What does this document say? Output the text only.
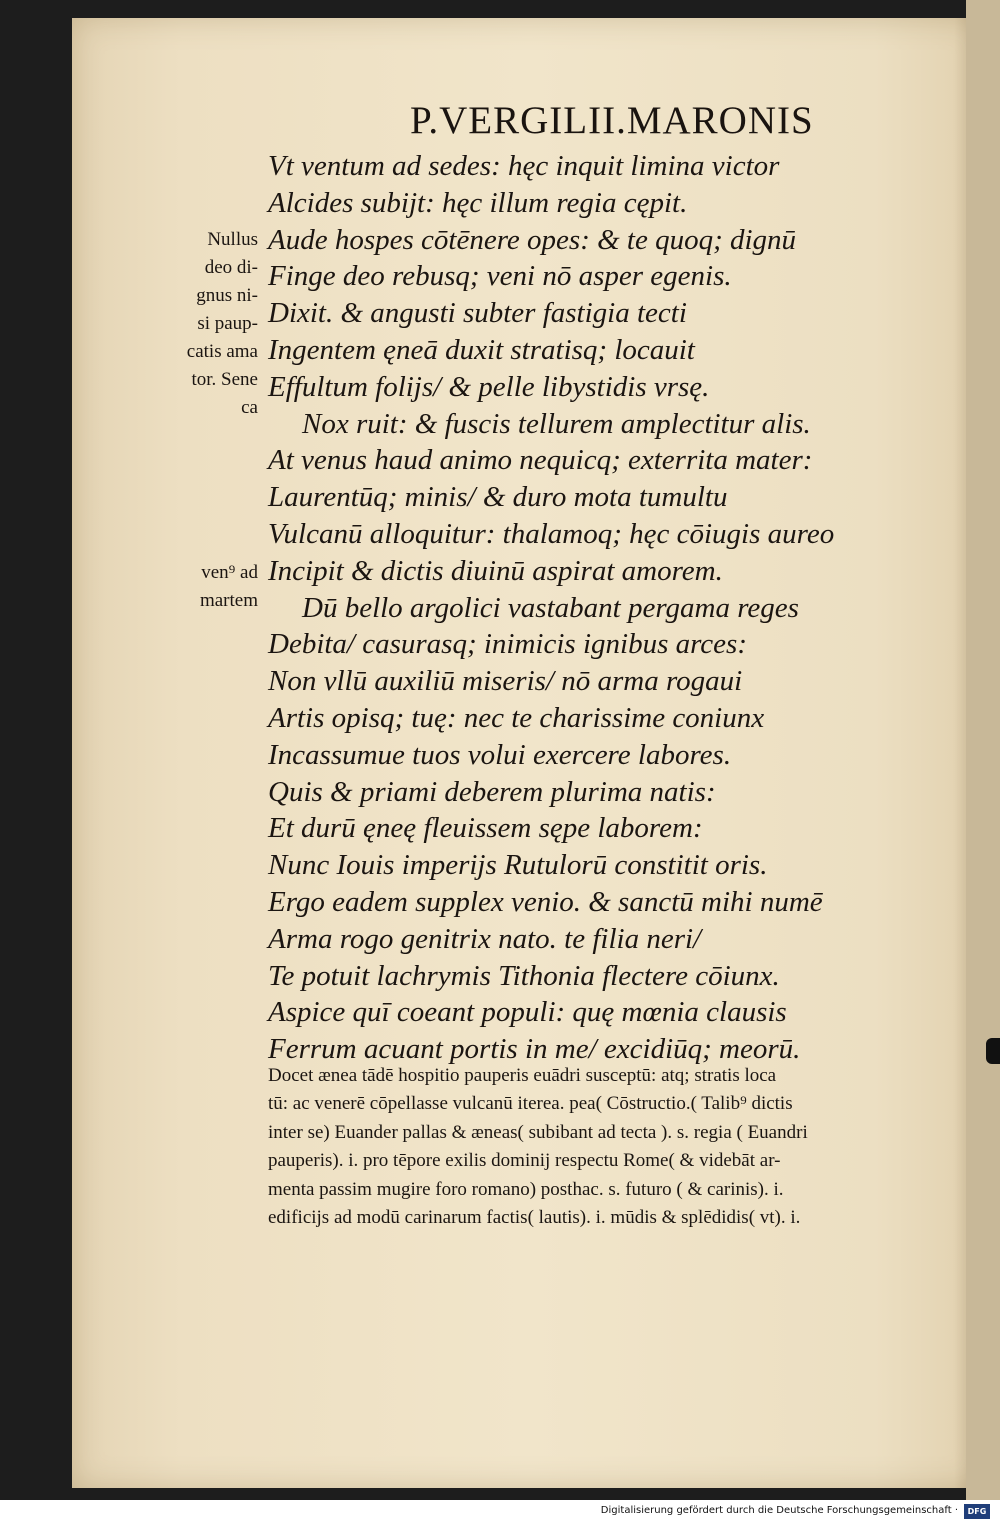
P.VERGILII.MARONIS
Nullus
deo di-
gnus ni-
si paup-
catis ama
tor. Sene
ca
ven⁹ ad
martem
Vt ventum ad sedes: hęc inquit limina victor
Alcides subijt: hęc illum regia cępit.
Aude hospes cōtēnere opes: & te quoq; dignū
Finge deo rebusq; veni nō asper egenis.
Dixit. & angusti subter fastigia tecti
Ingentem ęneā duxit stratisq; locauit
Effultum folijs/ & pelle libystidis vrsę.
Nox ruit: & fuscis tellurem amplectitur alis.
At venus haud animo nequicq; exterrita mater:
Laurentūq; minis/ & duro mota tumultu
Vulcanū alloquitur: thalamoq; hęc cōiugis aureo
Incipit & dictis diuinū aspirat amorem.
Dū bello argolici vastabant pergama reges
Debita/ casurasq; inimicis ignibus arces:
Non vllū auxiliū miseris/ nō arma rogaui
Artis opisq; tuę: nec te charissime coniunx
Incassumue tuos volui exercere labores.
Quis & priami deberem plurima natis:
Et durū ęneę fleuissem sępe laborem:
Nunc Iouis imperijs Rutulorū constitit oris.
Ergo eadem supplex venio. & sanctū mihi numē
Arma rogo genitrix nato. te filia neri/
Te potuit lachrymis Tithonia flectere cōiunx.
Aspice quī coeant populi: quę mœnia clausis
Ferrum acuant portis in me/ excidiūq; meorū.
Docet ænea tādē hospitio pauperis euādri susceptū: atq; stratis loca
tū: ac venerē cōpellasse vulcanū iterea. pea( Cōstructio.( Talib⁹ dictis
inter se) Euander pallas & æneas( subibant ad tecta ). s. regia ( Euandri
pauperis). i. pro tēpore exilis dominij respectu Rome( & videbāt ar-
menta passim mugire foro romano) posthac. s. futuro ( & carinis). i.
edificijs ad modū carinarum factis( lautis). i. mūdis & splēdidis( vt). i.
Digitalisierung gefördert durch die Deutsche Forschungsgemeinschaft ·	DFG
